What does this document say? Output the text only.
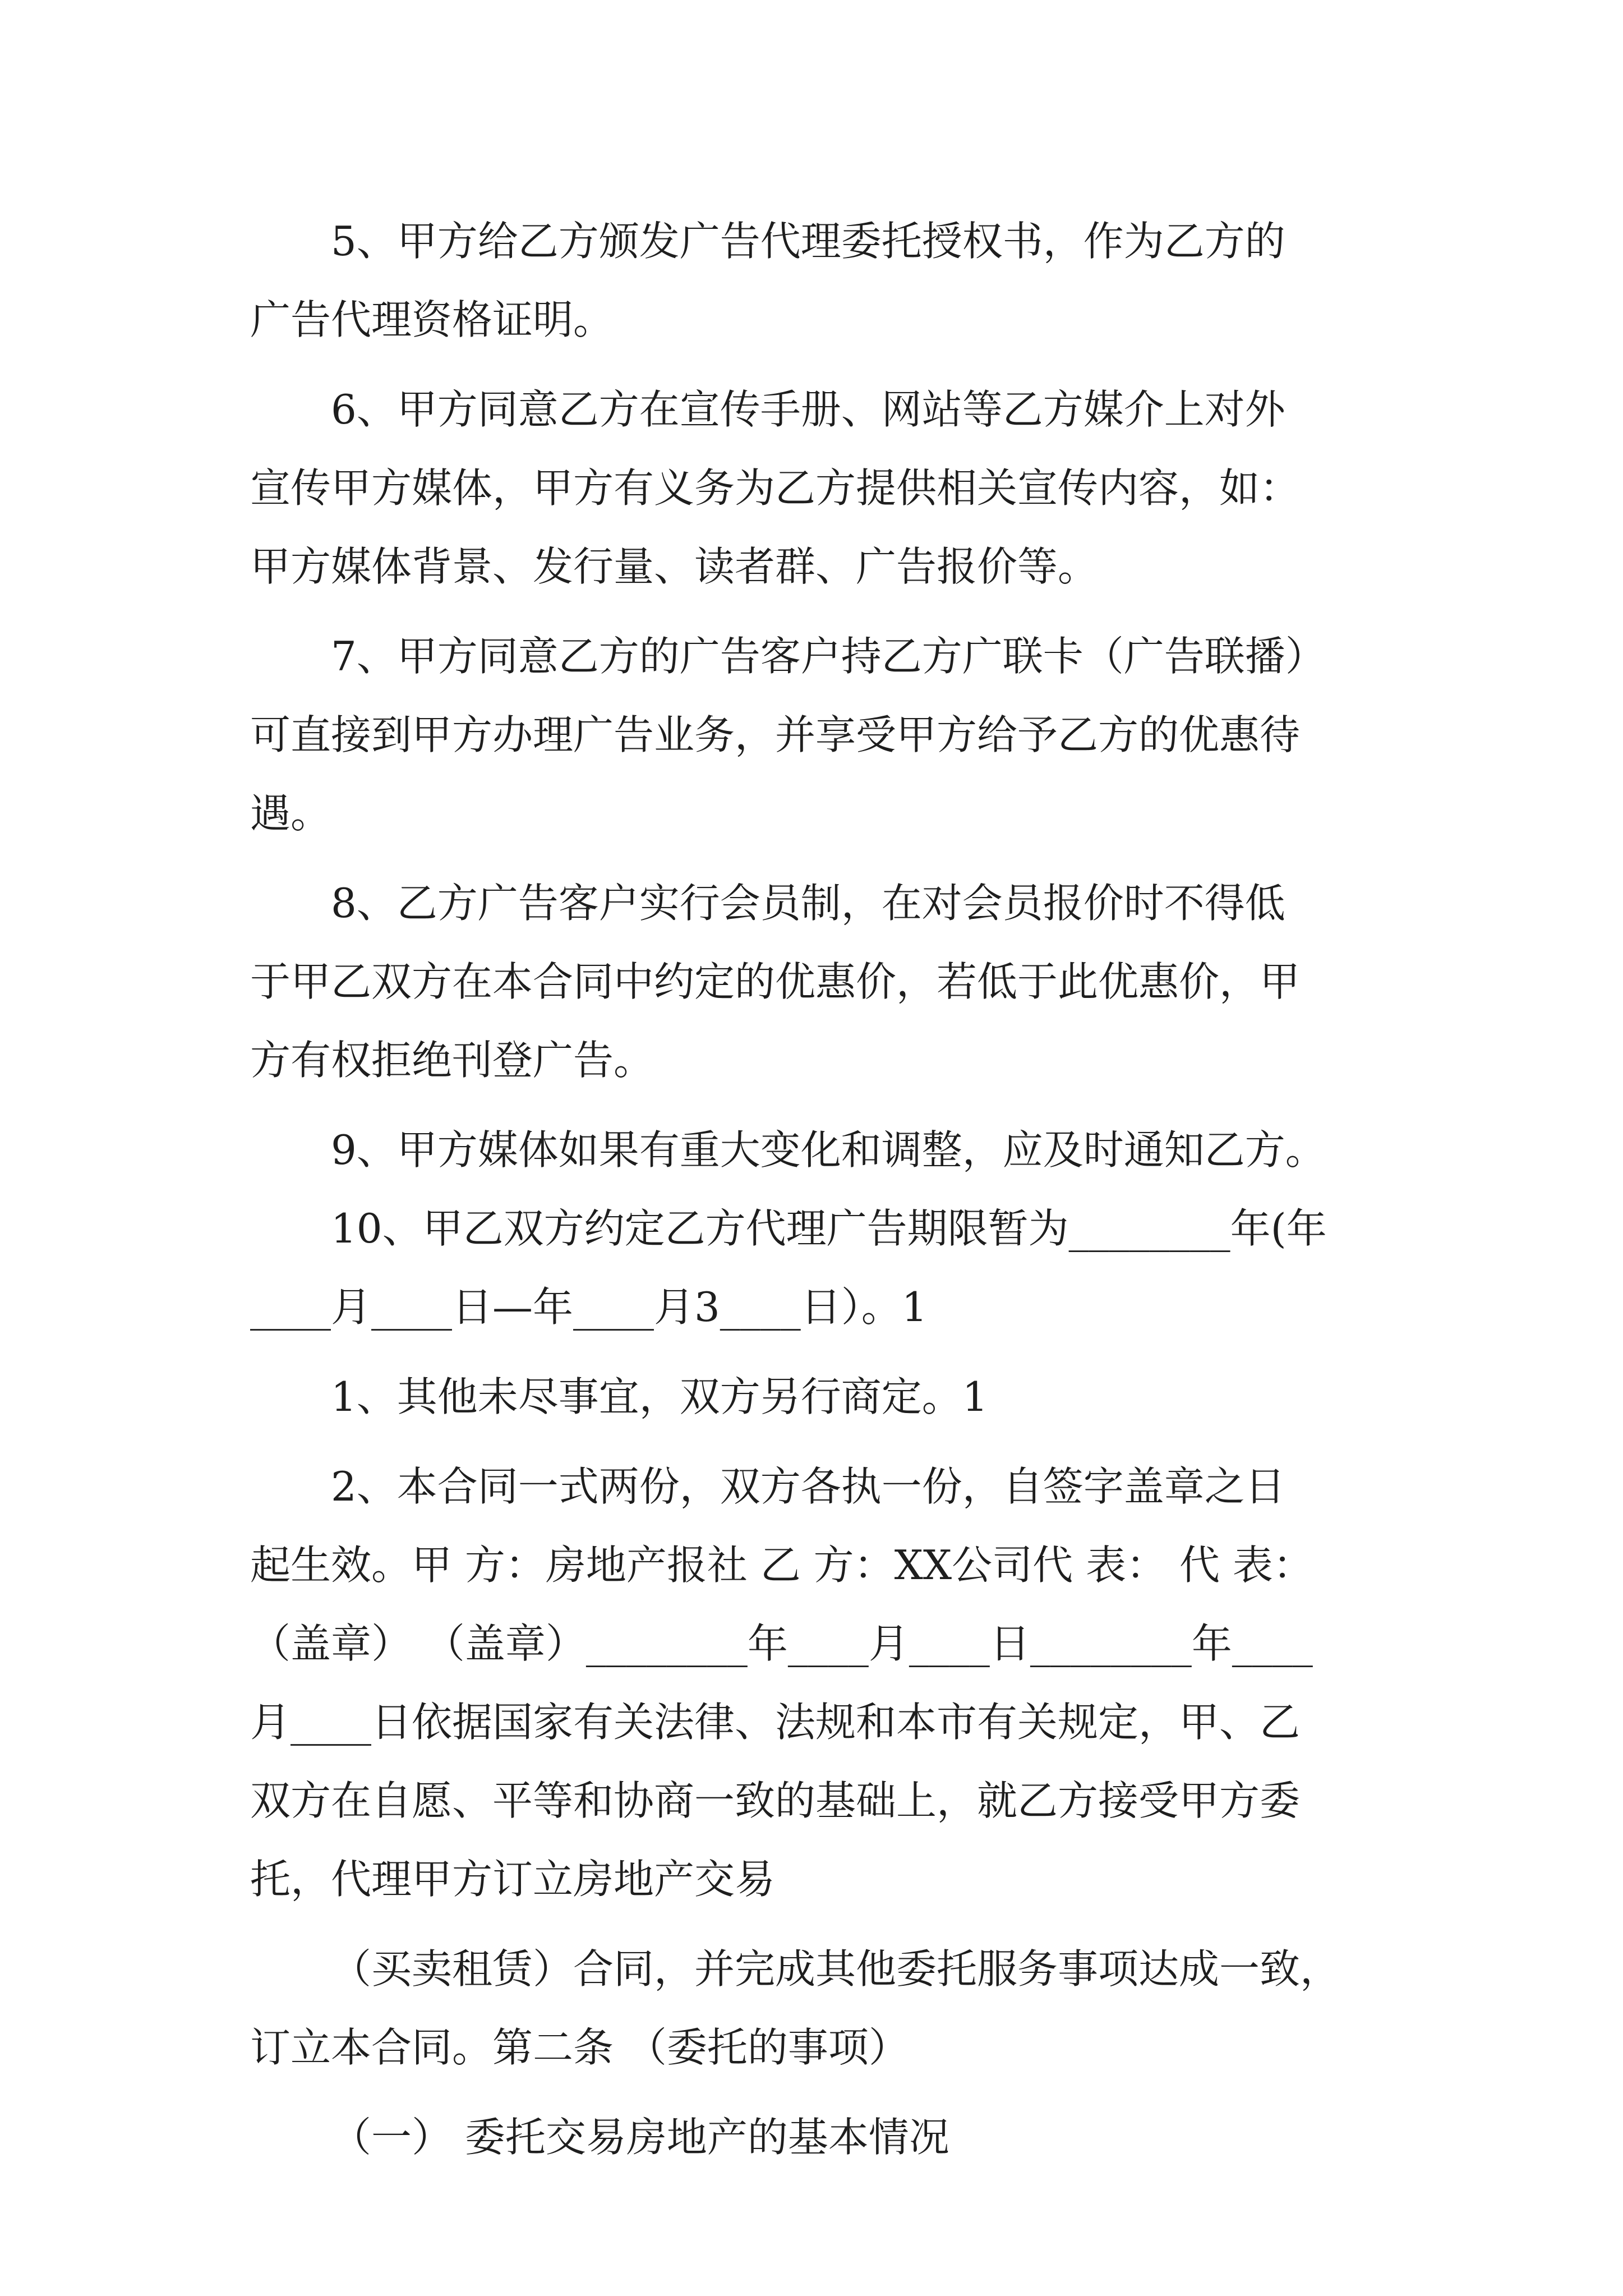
5、甲方给乙方颁发广告代理委托授权书，作为乙方的
广告代理资格证明。
6、甲方同意乙方在宣传手册、网站等乙方媒介上对外
宣传甲方媒体，甲方有义务为乙方提供相关宣传内容，如：
甲方媒体背景、发行量、读者群、广告报价等。
7、甲方同意乙方的广告客户持乙方广联卡（广告联播）
可直接到甲方办理广告业务，并享受甲方给予乙方的优惠待
遇。
8、乙方广告客户实行会员制，在对会员报价时不得低
于甲乙双方在本合同中约定的优惠价，若低于此优惠价，甲
方有权拒绝刊登广告。
9、甲方媒体如果有重大变化和调整，应及时通知乙方。
10、甲乙双方约定乙方代理广告期限暂为________年(年
____月____日—年____月3____日）。1
1、其他未尽事宜，双方另行商定。1
2、本合同一式两份，双方各执一份，自签字盖章之日
起生效。甲 方：房地产报社 乙 方：XX公司代 表： 代 表：
（盖章） （盖章）________年____月____日________年____
月____日依据国家有关法律、法规和本市有关规定，甲、乙
双方在自愿、平等和协商一致的基础上，就乙方接受甲方委
托，代理甲方订立房地产交易
（买卖租赁）合同，并完成其他委托服务事项达成一致，
订立本合同。第二条 （委托的事项）
（一） 委托交易房地产的基本情况
